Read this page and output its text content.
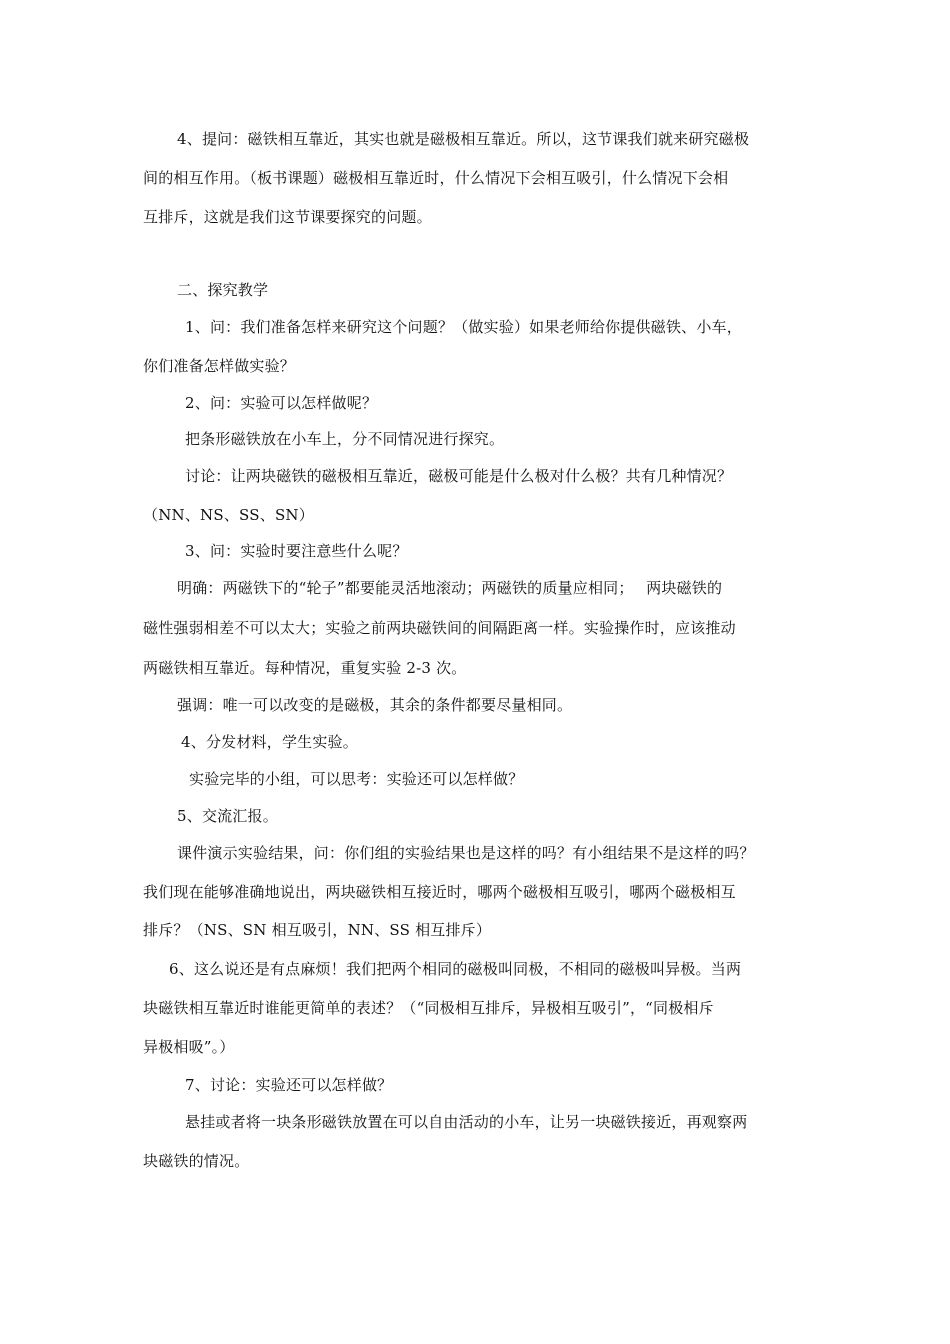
4、提问：磁铁相互靠近，其实也就是磁极相互靠近。所以，这节课我们就来研究磁极
间的相互作用。（板书课题）磁极相互靠近时，什么情况下会相互吸引，什么情况下会相
互排斥，这就是我们这节课要探究的问题。
二、探究教学
1、问：我们准备怎样来研究这个问题？（做实验）如果老师给你提供磁铁、小车，
你们准备怎样做实验？
2、问：实验可以怎样做呢？
把条形磁铁放在小车上，分不同情况进行探究。
讨论：让两块磁铁的磁极相互靠近，磁极可能是什么极对什么极？共有几种情况？
（NN、NS、SS、SN）
3、问：实验时要注意些什么呢？
明确：两磁铁下的“轮子”都要能灵活地滚动；两磁铁的质量应相同；　 两块磁铁的
磁性强弱相差不可以太大；实验之前两块磁铁间的间隔距离一样。实验操作时，应该推动
两磁铁相互靠近。每种情况，重复实验 2-3 次。
强调：唯一可以改变的是磁极，其余的条件都要尽量相同。
4、分发材料，学生实验。
实验完毕的小组，可以思考：实验还可以怎样做？
5、交流汇报。
课件演示实验结果，问：你们组的实验结果也是这样的吗？有小组结果不是这样的吗？
我们现在能够准确地说出，两块磁铁相互接近时，哪两个磁极相互吸引，哪两个磁极相互
排斥？（NS、SN 相互吸引，NN、SS 相互排斥）
6、这么说还是有点麻烦！我们把两个相同的磁极叫同极，不相同的磁极叫异极。当两
块磁铁相互靠近时谁能更简单的表述？（“同极相互排斥，异极相互吸引”，“同极相斥
异极相吸”。）
7、讨论：实验还可以怎样做？
悬挂或者将一块条形磁铁放置在可以自由活动的小车，让另一块磁铁接近，再观察两
块磁铁的情况。
